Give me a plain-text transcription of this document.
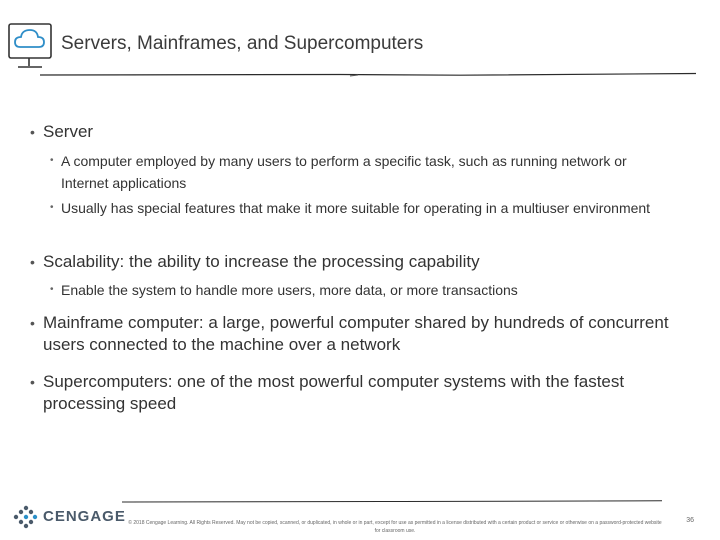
Servers, Mainframes, and Supercomputers
• Server
• A computer employed by many users to perform a specific task, such as running network or Internet applications
• Usually has special features that make it more suitable for operating in a multiuser environment
• Scalability: the ability to increase the processing capability
• Enable the system to handle more users, more data, or more transactions
• Mainframe computer: a large, powerful computer shared by hundreds of concurrent users connected to the machine over a network
• Supercomputers: one of the most powerful computer systems with the fastest processing speed
CENGAGE © 2018 Cengage Learning. All Rights Reserved. May not be copied, scanned, or duplicated, in whole or in part, except for use as permitted in a license distributed with a certain product or service or otherwise on a password-protected website for classroom use.
36
